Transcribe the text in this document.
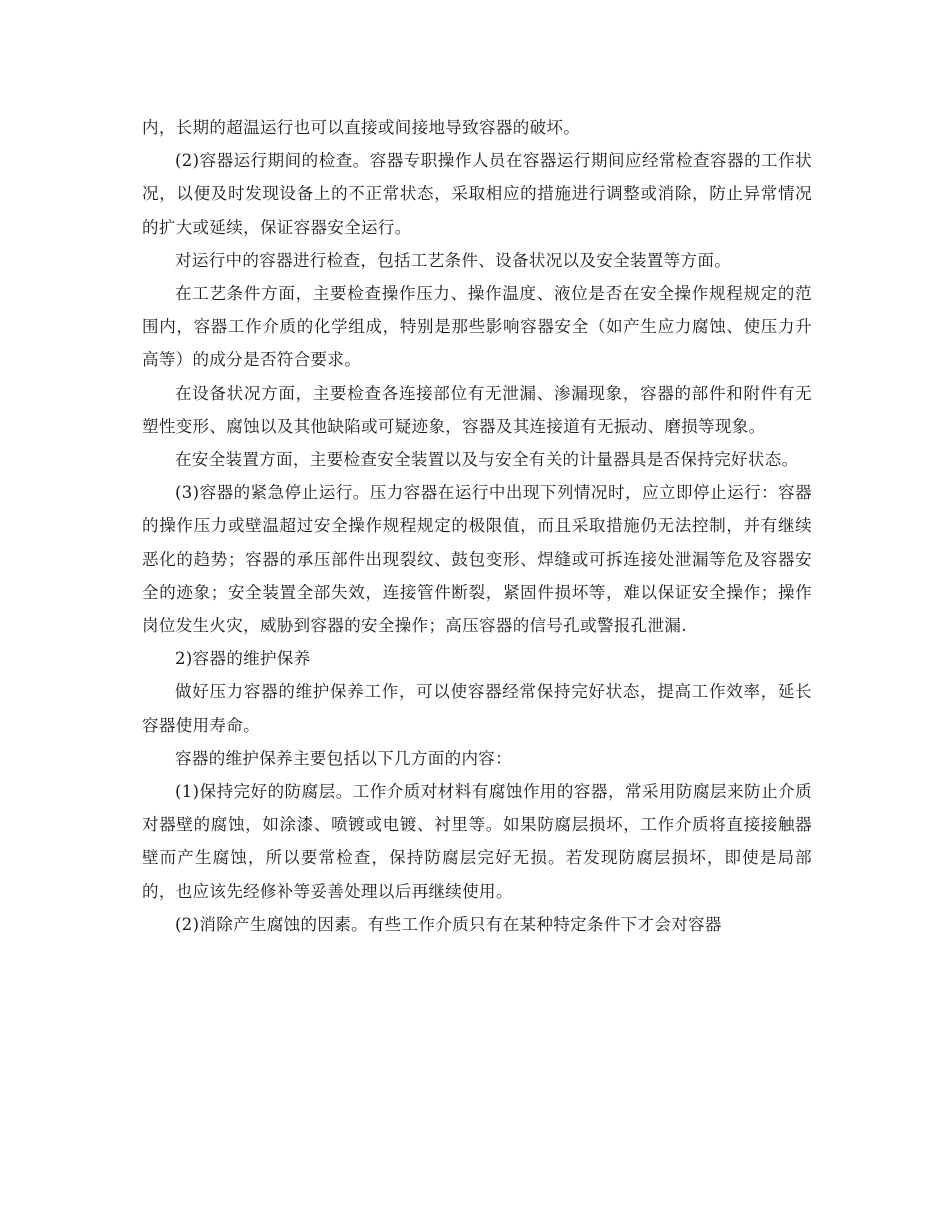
内，长期的超温运行也可以直接或间接地导致容器的破坏。

(2)容器运行期间的检查。容器专职操作人员在容器运行期间应经常检查容器的工作状况，以便及时发现设备上的不正常状态，采取相应的措施进行调整或消除，防止异常情况的扩大或延续，保证容器安全运行。

对运行中的容器进行检查，包括工艺条件、设备状况以及安全装置等方面。

在工艺条件方面，主要检查操作压力、操作温度、液位是否在安全操作规程规定的范围内，容器工作介质的化学组成，特别是那些影响容器安全（如产生应力腐蚀、使压力升高等）的成分是否符合要求。

在设备状况方面，主要检查各连接部位有无泄漏、渗漏现象，容器的部件和附件有无塑性变形、腐蚀以及其他缺陷或可疑迹象，容器及其连接道有无振动、磨损等现象。

在安全装置方面，主要检查安全装置以及与安全有关的计量器具是否保持完好状态。

(3)容器的紧急停止运行。压力容器在运行中出现下列情况时，应立即停止运行：容器的操作压力或壁温超过安全操作规程规定的极限值，而且采取措施仍无法控制，并有继续恶化的趋势；容器的承压部件出现裂纹、鼓包变形、焊缝或可拆连接处泄漏等危及容器安全的迹象；安全装置全部失效，连接管件断裂，紧固件损坏等，难以保证安全操作；操作岗位发生火灾，威胁到容器的安全操作；高压容器的信号孔或警报孔泄漏.

2)容器的维护保养

做好压力容器的维护保养工作，可以使容器经常保持完好状态，提高工作效率，延长容器使用寿命。

容器的维护保养主要包括以下几方面的内容：

(1)保持完好的防腐层。工作介质对材料有腐蚀作用的容器，常采用防腐层来防止介质对器壁的腐蚀，如涂漆、喷镀或电镀、衬里等。如果防腐层损坏，工作介质将直接接触器壁而产生腐蚀，所以要常检查，保持防腐层完好无损。若发现防腐层损坏，即使是局部的，也应该先经修补等妥善处理以后再继续使用。

(2)消除产生腐蚀的因素。有些工作介质只有在某种特定条件下才会对容器
